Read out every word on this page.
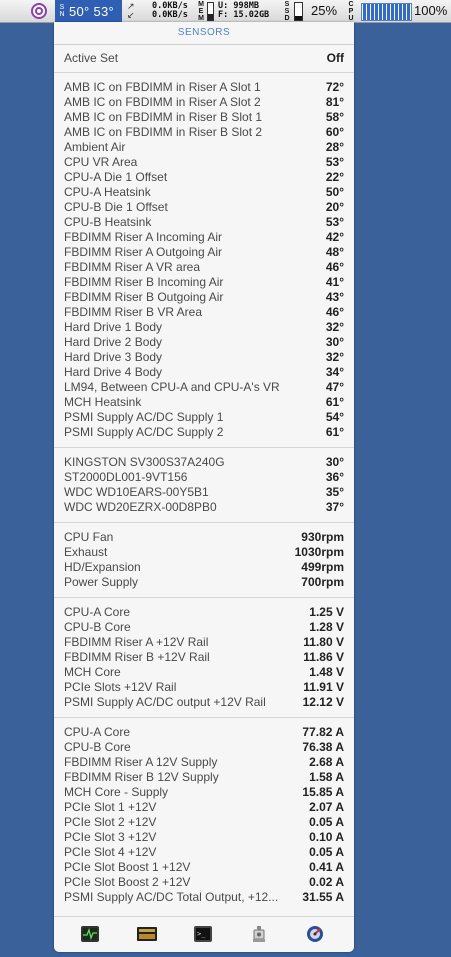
S
N 50° 53° ↗
↙
0.0KB/s
0.0KB/s
M
E
M
U: 998MB
F: 15.02GB
S
S
D
25% C
P
U
100%
SENSORS
Active Set	Off
AMB IC on FBDIMM in Riser A Slot 1	72°
AMB IC on FBDIMM in Riser A Slot 2	81°
AMB IC on FBDIMM in Riser B Slot 1	58°
AMB IC on FBDIMM in Riser B Slot 2	60°
Ambient Air	28°
CPU VR Area	53°
CPU-A Die 1 Offset	22°
CPU-A Heatsink	50°
CPU-B Die 1 Offset	20°
CPU-B Heatsink	53°
FBDIMM Riser A Incoming Air	42°
FBDIMM Riser A Outgoing Air	48°
FBDIMM Riser A VR area	46°
FBDIMM Riser B Incoming Air	41°
FBDIMM Riser B Outgoing Air	43°
FBDIMM Riser B VR Area	46°
Hard Drive 1 Body	32°
Hard Drive 2 Body	30°
Hard Drive 3 Body	32°
Hard Drive 4 Body	34°
LM94, Between CPU-A and CPU-A's VR	47°
MCH Heatsink	61°
PSMI Supply AC/DC Supply 1	54°
PSMI Supply AC/DC Supply 2	61°
KINGSTON SV300S37A240G	30°
ST2000DL001-9VT156	36°
WDC WD10EARS-00Y5B1	35°
WDC WD20EZRX-00D8PB0	37°
CPU Fan	930rpm
Exhaust	1030rpm
HD/Expansion	499rpm
Power Supply	700rpm
CPU-A Core	1.25 V
CPU-B Core	1.28 V
FBDIMM Riser A +12V Rail	11.80 V
FBDIMM Riser B +12V Rail	11.86 V
MCH Core	1.48 V
PCIe Slots +12V Rail	11.91 V
PSMI Supply AC/DC output +12V Rail	12.12 V
CPU-A Core	77.82 A
CPU-B Core	76.38 A
FBDIMM Riser A 12V Supply	2.68 A
FBDIMM Riser B 12V Supply	1.58 A
MCH Core - Supply	15.85 A
PCIe Slot 1 +12V	2.07 A
PCIe Slot 2 +12V	0.05 A
PCIe Slot 3 +12V	0.10 A
PCIe Slot 4 +12V	0.05 A
PCIe Slot Boost 1 +12V	0.41 A
PCIe Slot Boost 2 +12V	0.02 A
PSMI Supply AC/DC Total Output, +12... 31.55 A
>_
